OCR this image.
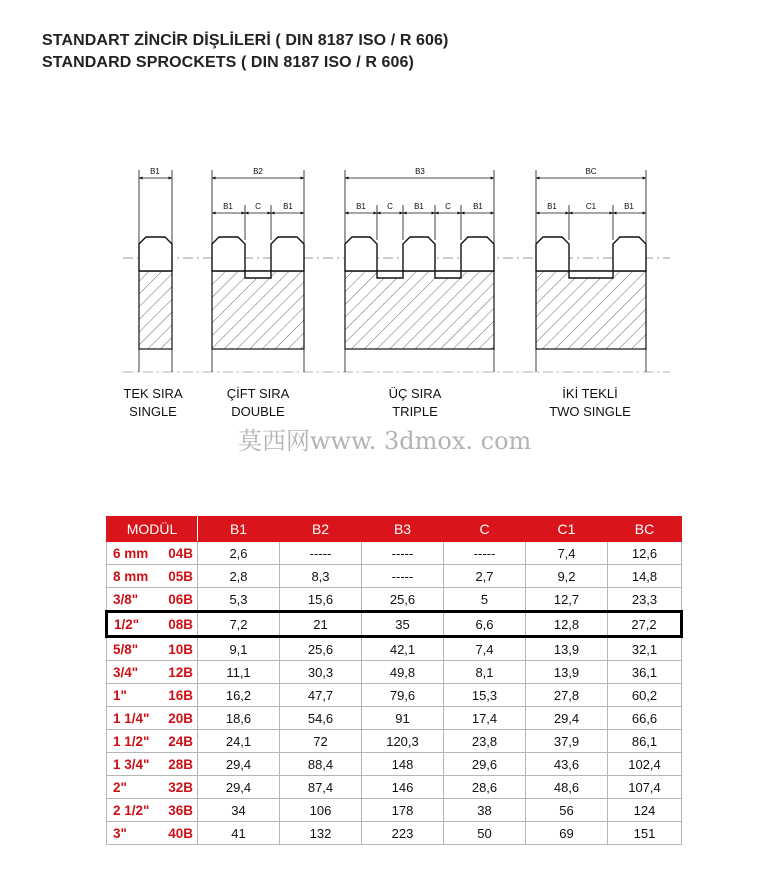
STANDART ZİNCİR DİŞLİLERİ ( DIN 8187 ISO / R 606)
STANDARD SPROCKETS ( DIN 8187 ISO / R 606)
B1	B2
B1	C	B1
B3
B1	C	B1	C	B1
BC
B1	C1	B1
TEK SIRA
SINGLE
ÇİFT SIRA
DOUBLE
ÜÇ SIRA
TRIPLE
İKİ TEKLİ
TWO SINGLE
莫西网www. 3dmox. com
MODÜL	B1	B2	B3	C	C1	BC
6 mm 04B	2,6	-----	-----	-----	7,4	12,6
8 mm 05B	2,8	8,3	-----	2,7	9,2	14,8
3/8" 06B	5,3	15,6	25,6	5	12,7	23,3
1/2" 08B	7,2	21	35	6,6	12,8	27,2
5/8" 10B	9,1	25,6	42,1	7,4	13,9	32,1
3/4" 12B	11,1	30,3	49,8	8,1	13,9	36,1
1" 16B	16,2	47,7	79,6	15,3	27,8	60,2
1 1/4" 20B	18,6	54,6	91	17,4	29,4	66,6
1 1/2" 24B	24,1	72	120,3	23,8	37,9	86,1
1 3/4" 28B	29,4	88,4	148	29,6	43,6	102,4
2" 32B	29,4	87,4	146	28,6	48,6	107,4
2 1/2" 36B	34	106	178	38	56	124
3" 40B	41	132	223	50	69	151
